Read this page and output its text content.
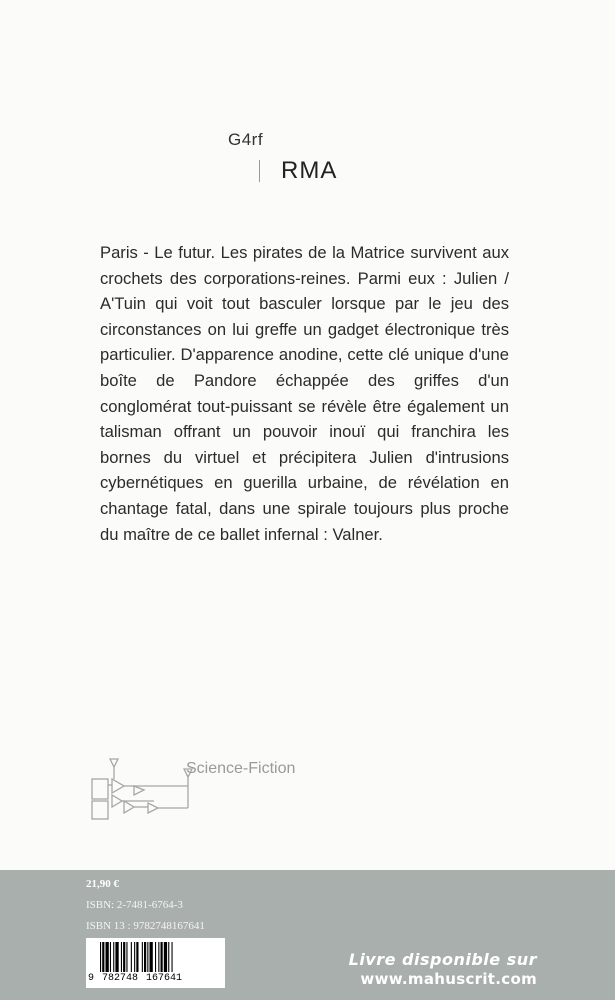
G4rf
RMA
Paris - Le futur. Les pirates de la Matrice survivent aux crochets des corporations-reines. Parmi eux : Julien / A'Tuin qui voit tout basculer lorsque par le jeu des circonstances on lui greffe un gadget électronique très particulier. D'apparence anodine, cette clé unique d'une boîte de Pandore échappée des griffes d'un conglomérat tout-puissant se révèle être également un talisman offrant un pouvoir inouï qui franchira les bornes du virtuel et précipitera Julien d'intrusions cybernétiques en guerilla urbaine, de révélation en chantage fatal, dans une spirale toujours plus proche du maître de ce ballet infernal : Valner.
Science-Fiction
21,90 €
ISBN: 2-7481-6764-3
ISBN 13 : 9782748167641
9 782748 167641
Livre disponible sur
www.mahuscrit.com
